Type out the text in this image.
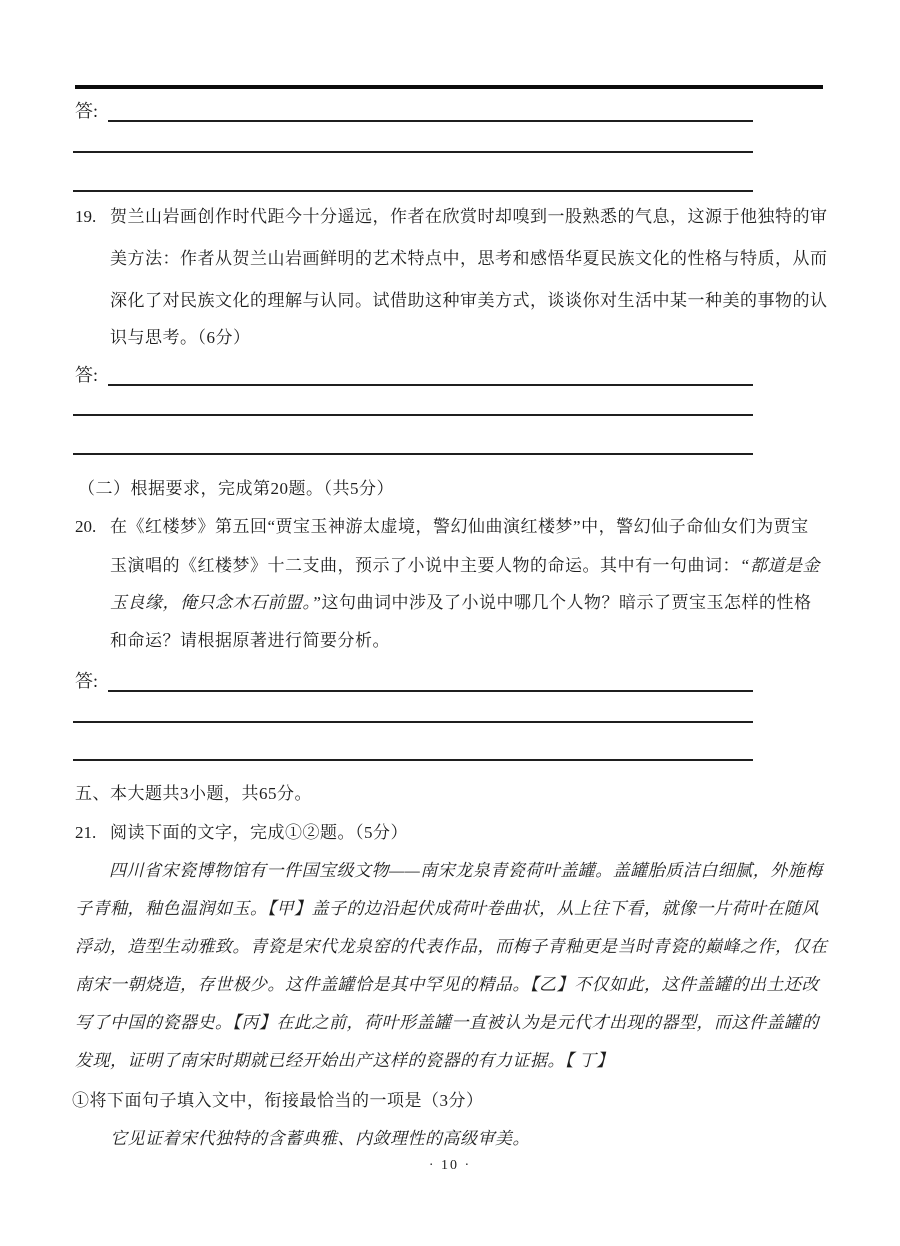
答:
19. 贺兰山岩画创作时代距今十分遥远，作者在欣赏时却嗅到一股熟悉的气息，这源于他独特的审
美方法：作者从贺兰山岩画鲜明的艺术特点中，思考和感悟华夏民族文化的性格与特质，从而
深化了对民族文化的理解与认同。试借助这种审美方式，谈谈你对生活中某一种美的事物的认
识与思考。（6分）
答:
（二）根据要求，完成第20题。（共5分）
20. 在《红楼梦》第五回“贾宝玉神游太虚境，警幻仙曲演红楼梦”中，警幻仙子命仙女们为贾宝
玉演唱的《红楼梦》十二支曲，预示了小说中主要人物的命运。其中有一句曲词：“都道是金
玉良缘，俺只念木石前盟。”这句曲词中涉及了小说中哪几个人物？暗示了贾宝玉怎样的性格
和命运？请根据原著进行简要分析。
答:
五、本大题共3小题，共65分。
21. 阅读下面的文字，完成①②题。（5分）
四川省宋瓷博物馆有一件国宝级文物——南宋龙泉青瓷荷叶盖罐。盖罐胎质洁白细腻，外施梅
子青釉，釉色温润如玉。【甲】盖子的边沿起伏成荷叶卷曲状，从上往下看，就像一片荷叶在随风
浮动，造型生动雅致。青瓷是宋代龙泉窑的代表作品，而梅子青釉更是当时青瓷的巅峰之作，仅在
南宋一朝烧造，存世极少。这件盖罐恰是其中罕见的精品。【乙】不仅如此，这件盖罐的出土还改
写了中国的瓷器史。【丙】在此之前，荷叶形盖罐一直被认为是元代才出现的器型，而这件盖罐的
发现，证明了南宋时期就已经开始出产这样的瓷器的有力证据。【 丁】
①将下面句子填入文中，衔接最恰当的一项是（3分）
它见证着宋代独特的含蓄典雅、内敛理性的高级审美。
· 10 ·
